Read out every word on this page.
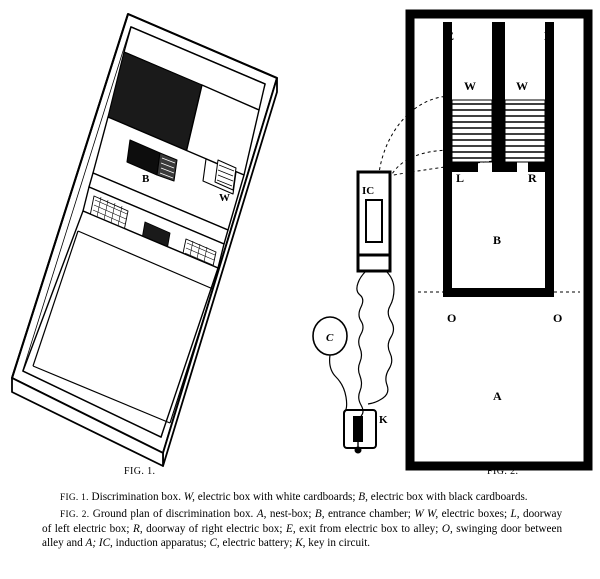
B
W
E	E
W	W
L	R
B
O	O
A
IC
C
K
FIG. 1.	FIG. 2.

FIG. 1. Discrimination box. W, electric box with white cardboards; B, electric box with black cardboards.

FIG. 2. Ground plan of discrimination box. A, nest-box; B, entrance chamber; W W, electric boxes; L, doorway of left electric box; R, doorway of right electric box; E, exit from electric box to alley; O, swinging door between alley and A; IC, induction apparatus; C, electric battery; K, key in circuit.
